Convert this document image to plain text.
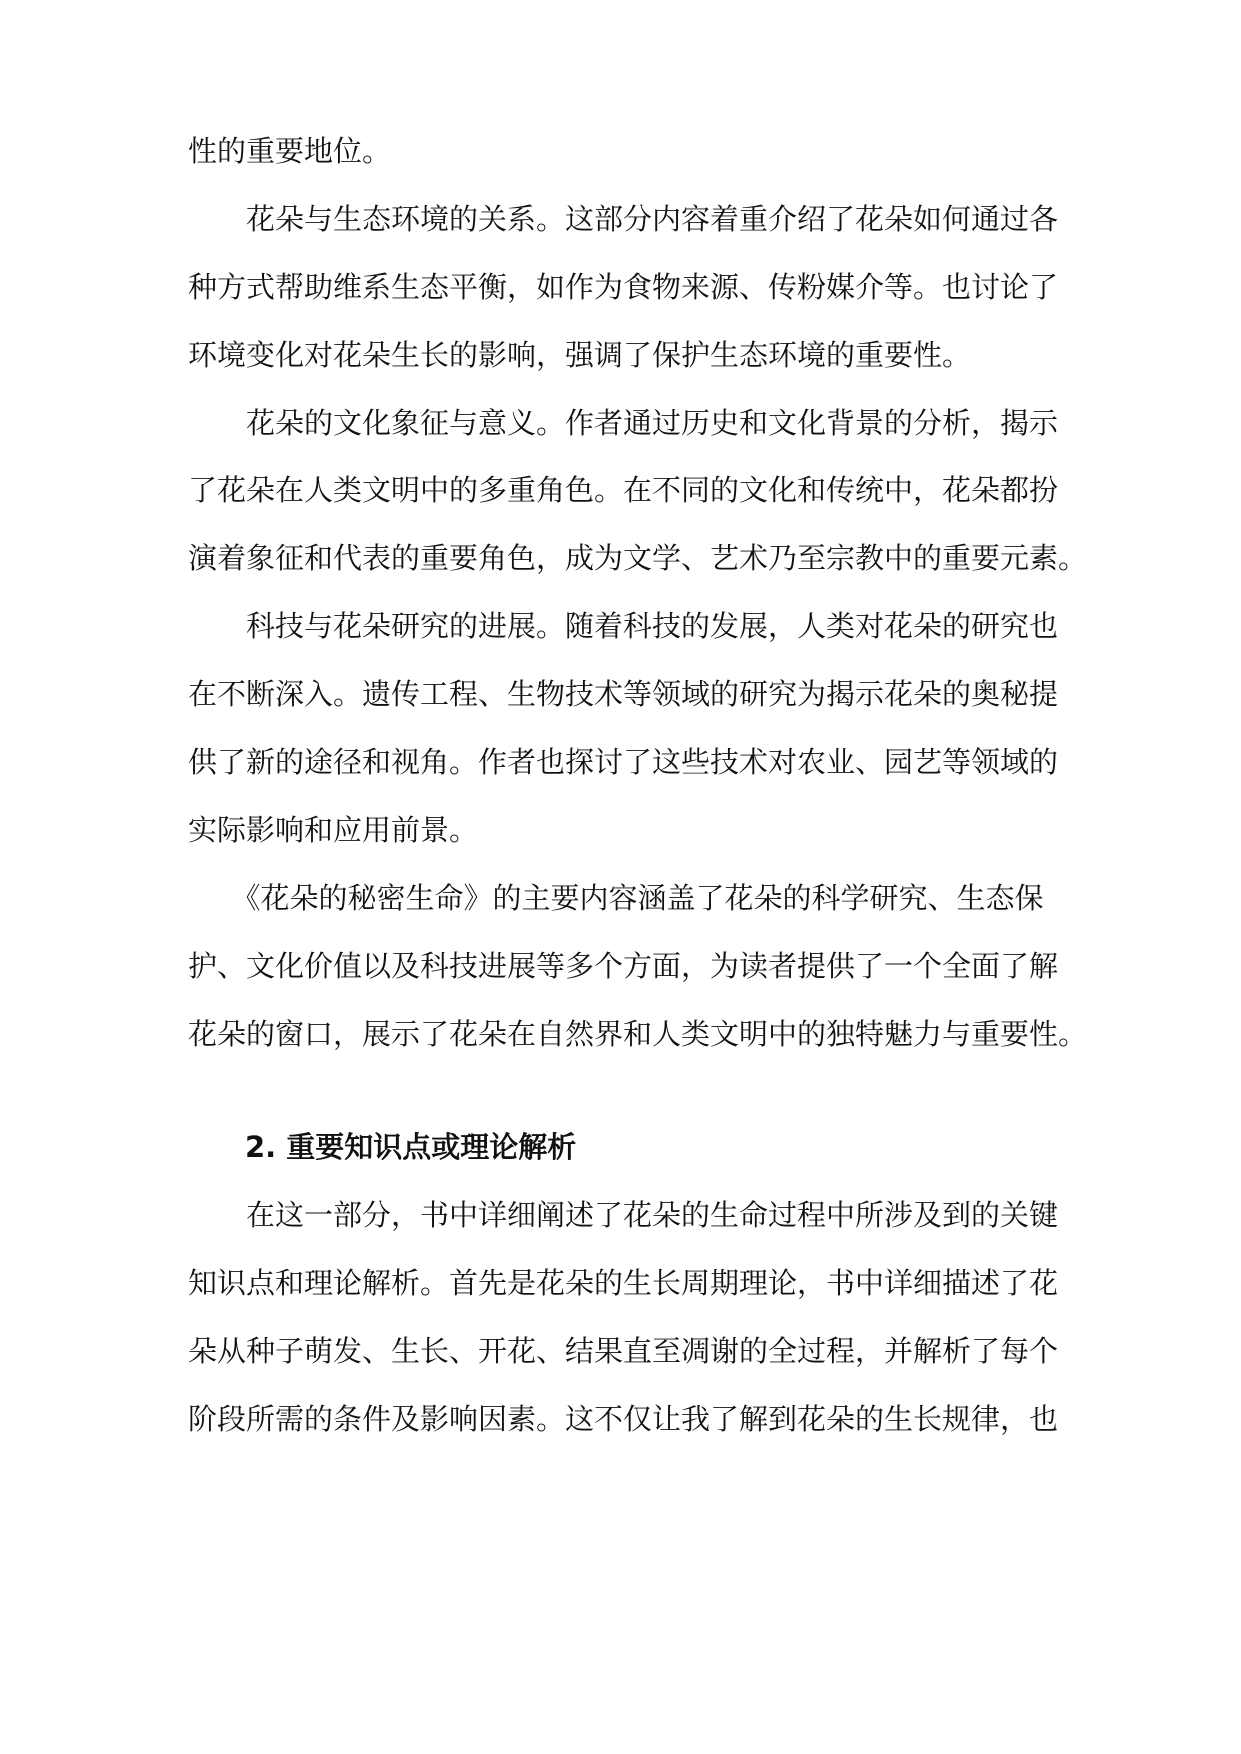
性的重要地位。
　　花朵与生态环境的关系。这部分内容着重介绍了花朵如何通过各
种方式帮助维系生态平衡，如作为食物来源、传粉媒介等。也讨论了
环境变化对花朵生长的影响，强调了保护生态环境的重要性。
　　花朵的文化象征与意义。作者通过历史和文化背景的分析，揭示
了花朵在人类文明中的多重角色。在不同的文化和传统中，花朵都扮
演着象征和代表的重要角色，成为文学、艺术乃至宗教中的重要元素。
　　科技与花朵研究的进展。随着科技的发展，人类对花朵的研究也
在不断深入。遗传工程、生物技术等领域的研究为揭示花朵的奥秘提
供了新的途径和视角。作者也探讨了这些技术对农业、园艺等领域的
实际影响和应用前景。
　　《花朵的秘密生命》的主要内容涵盖了花朵的科学研究、生态保
护、文化价值以及科技进展等多个方面，为读者提供了一个全面了解
花朵的窗口，展示了花朵在自然界和人类文明中的独特魅力与重要性。
2. 重要知识点或理论解析
　　在这一部分，书中详细阐述了花朵的生命过程中所涉及到的关键
知识点和理论解析。首先是花朵的生长周期理论，书中详细描述了花
朵从种子萌发、生长、开花、结果直至凋谢的全过程，并解析了每个
阶段所需的条件及影响因素。这不仅让我了解到花朵的生长规律，也
